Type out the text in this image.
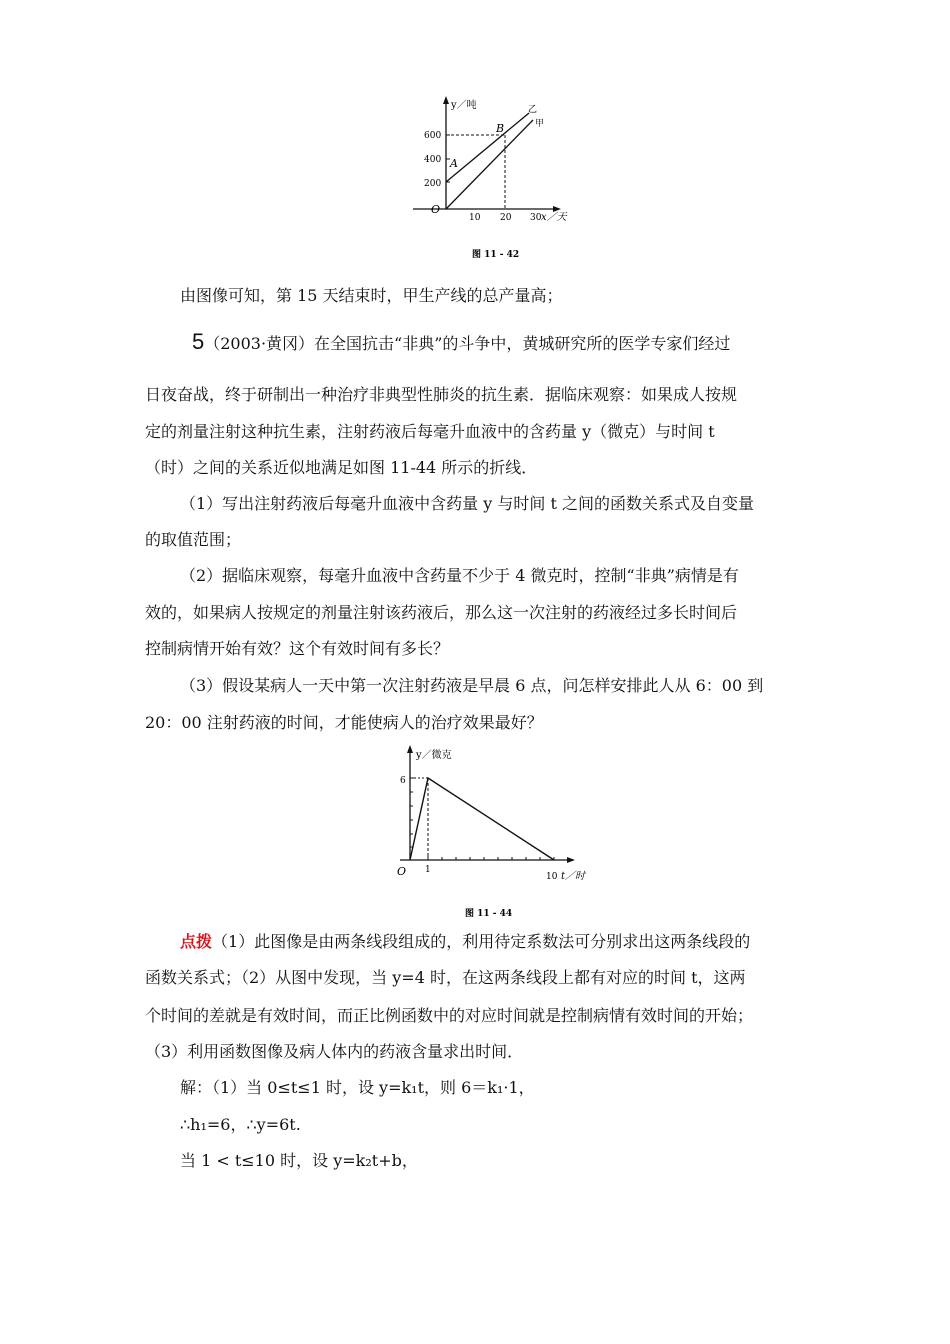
y／吨
x／天
O
200
400
600
10 20 30
A
B
乙
甲
图 11 - 42
由图像可知，第 15 天结束时，甲生产线的总产量高；
5（2003·黄冈）在全国抗击“非典”的斗争中，黄城研究所的医学专家们经过
日夜奋战，终于研制出一种治疗非典型性肺炎的抗生素．据临床观察：如果成人按规
定的剂量注射这种抗生素，注射药液后每毫升血液中的含药量 y（微克）与时间 t
（时）之间的关系近似地满足如图 11-44 所示的折线．
（1）写出注射药液后每毫升血液中含药量 y 与时间 t 之间的函数关系式及自变量
的取值范围；
（2）据临床观察，每毫升血液中含药量不少于 4 微克时，控制“非典”病情是有
效的，如果病人按规定的剂量注射该药液后，那么这一次注射的药液经过多长时间后
控制病情开始有效？这个有效时间有多长？
（3）假设某病人一天中第一次注射药液是早晨 6 点，问怎样安排此人从 6：00 到
20：00 注射药液的时间，才能使病人的治疗效果最好？
y／微克
t／时
O
6
1
10
图 11 - 44
点拨（1）此图像是由两条线段组成的，利用待定系数法可分别求出这两条线段的
函数关系式；（2）从图中发现，当 y=4 时，在这两条线段上都有对应的时间 t，这两
个时间的差就是有效时间，而正比例函数中的对应时间就是控制病情有效时间的开始；
（3）利用函数图像及病人体内的药液含量求出时间．
解：（1）当 0≤t≤1 时，设 y=k₁t，则 6＝k₁·1，
∴h₁=6，∴y=6t.
当 1 < t≤10 时，设 y=k₂t+b，
